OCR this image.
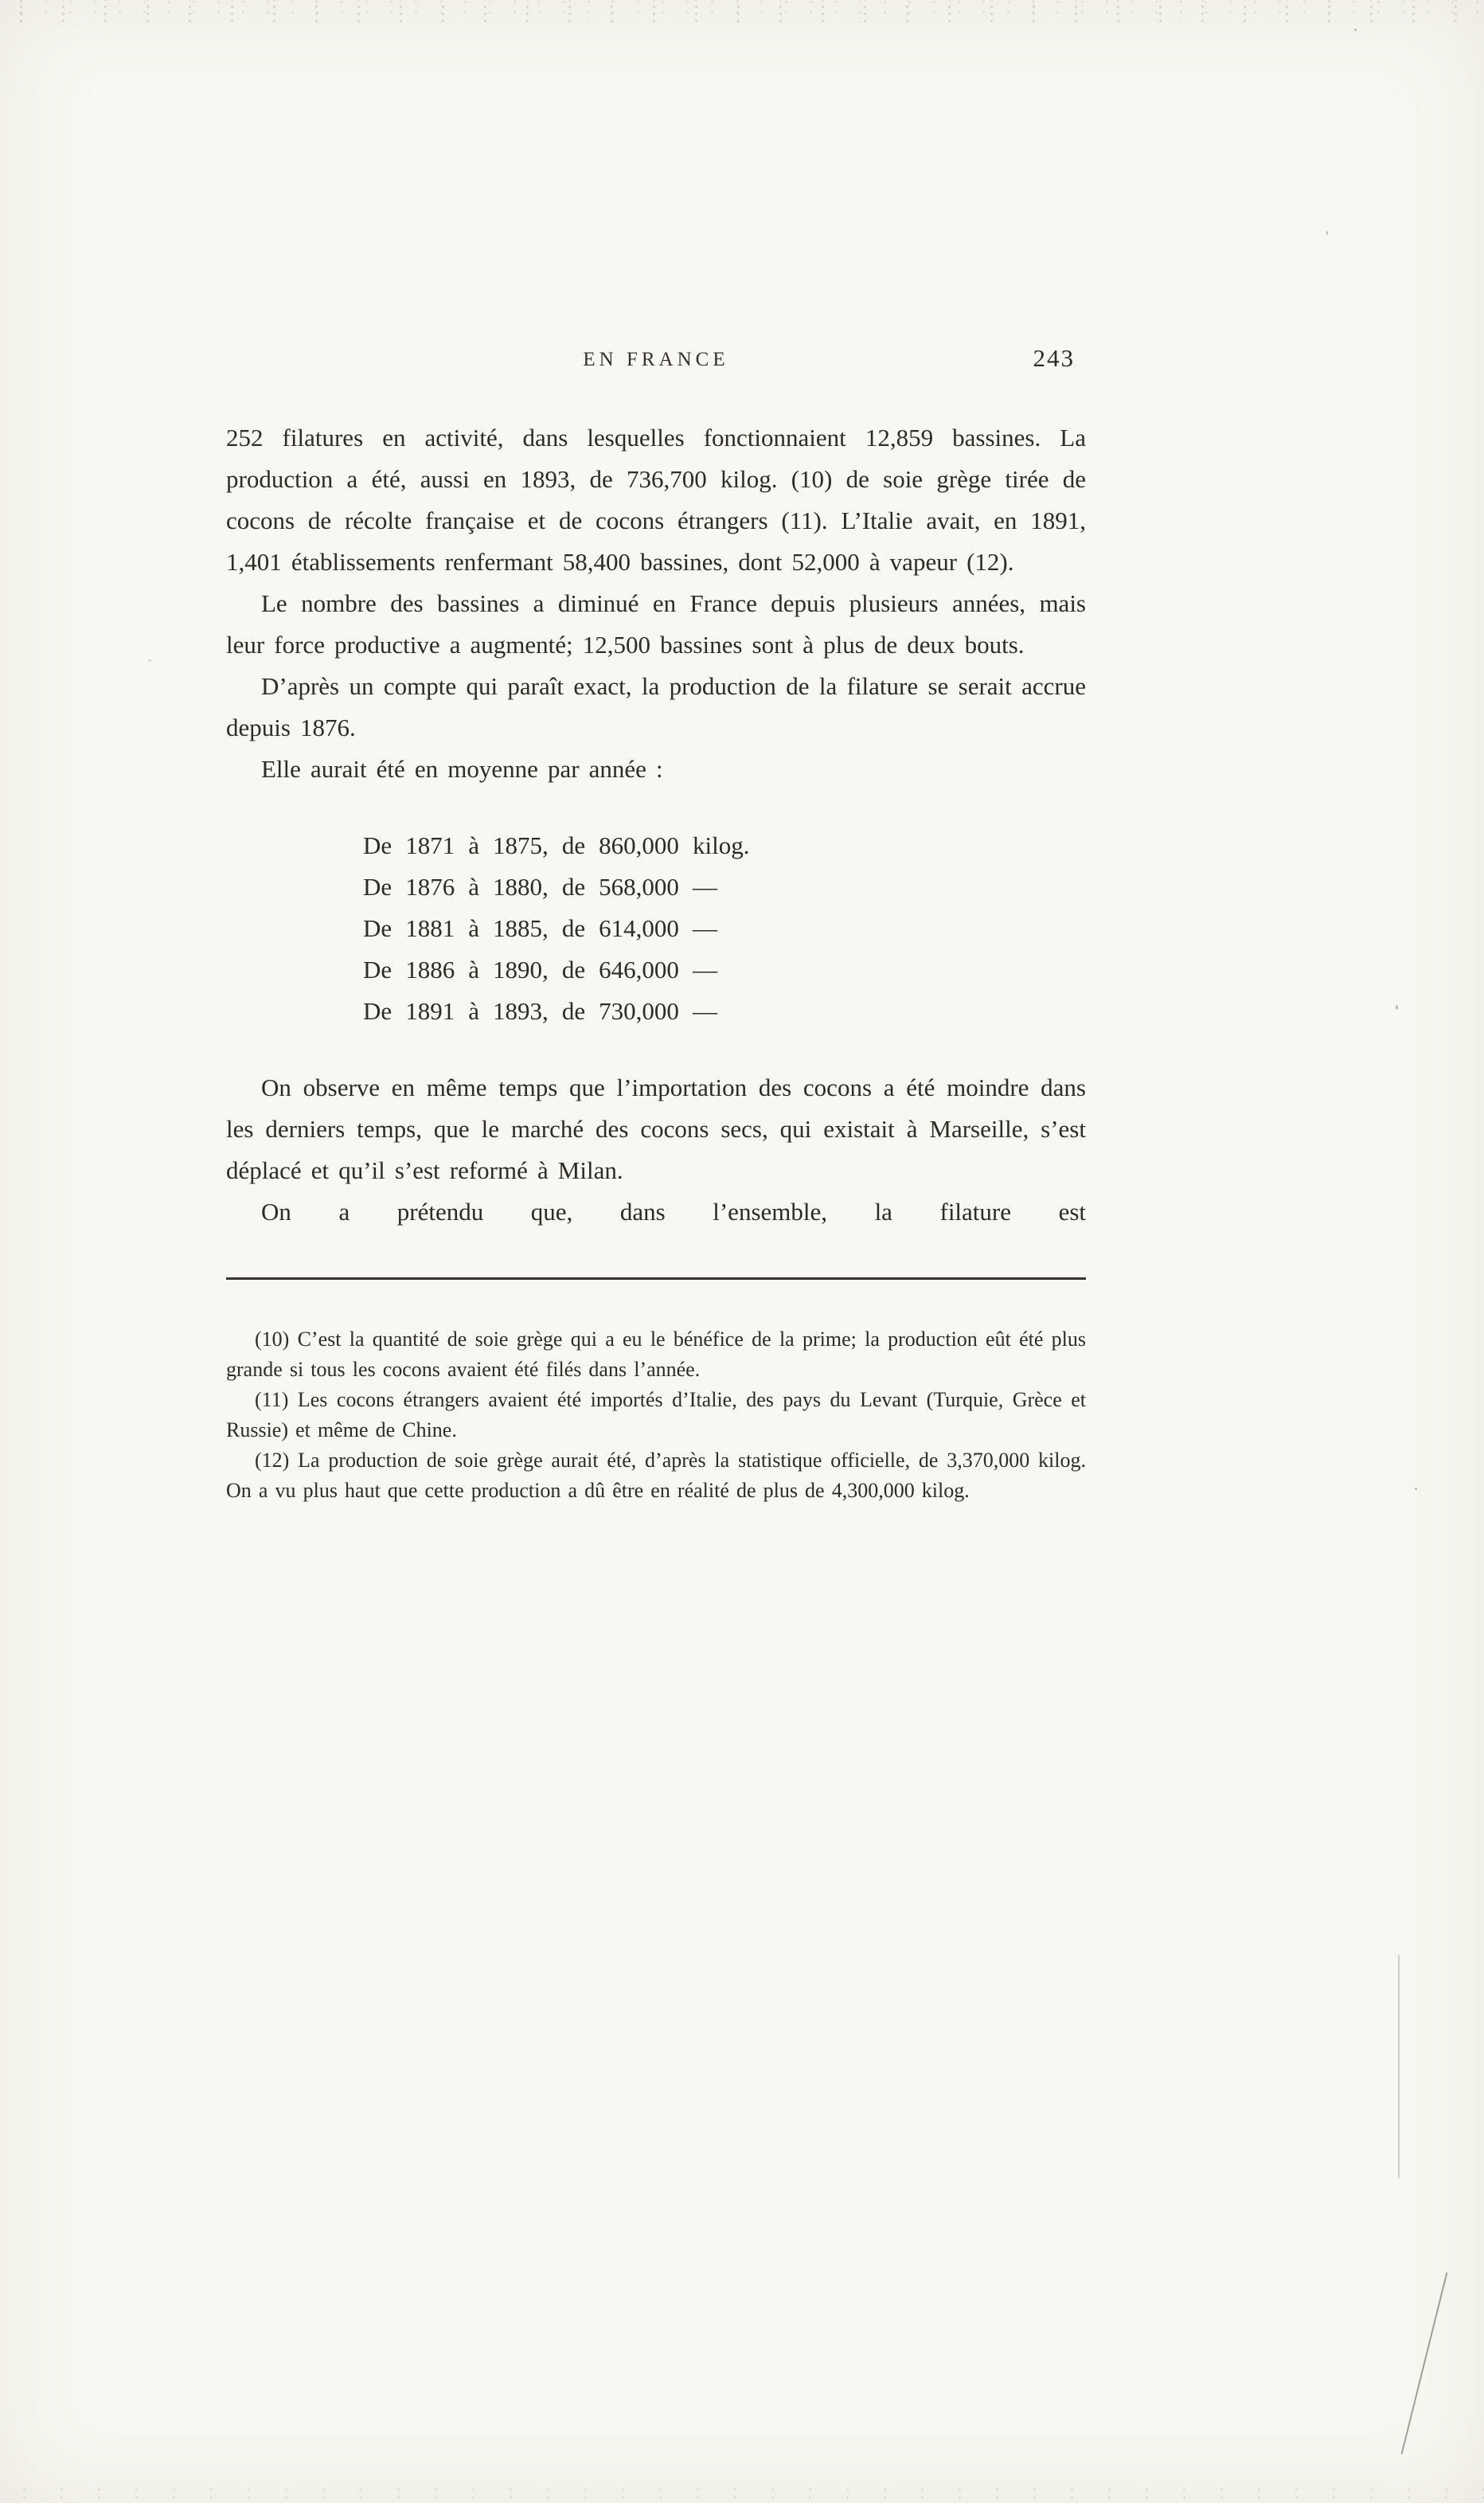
EN FRANCE	243

252 filatures en activité, dans lesquelles fonctionnaient 12,859 bassines. La production a été, aussi en 1893, de 736,700 kilog. (10) de soie grège tirée de cocons de récolte française et de cocons étrangers (11). L’Italie avait, en 1891, 1,401 établissements renfermant 58,400 bassines, dont 52,000 à vapeur (12).

Le nombre des bassines a diminué en France depuis plusieurs années, mais leur force productive a augmenté; 12,500 bassines sont à plus de deux bouts.

D’après un compte qui paraît exact, la production de la filature se serait accrue depuis 1876.

Elle aurait été en moyenne par année :

De 1871 à 1875, de 860,000 kilog.
De 1876 à 1880, de 568,000 —
De 1881 à 1885, de 614,000 —
De 1886 à 1890, de 646,000 —
De 1891 à 1893, de 730,000 —

On observe en même temps que l’importation des cocons a été moindre dans les derniers temps, que le marché des cocons secs, qui existait à Marseille, s’est déplacé et qu’il s’est reformé à Milan.

On a prétendu que, dans l’ensemble, la filature est

(10) C’est la quantité de soie grège qui a eu le bénéfice de la prime; la production eût été plus grande si tous les cocons avaient été filés dans l’année.

(11) Les cocons étrangers avaient été importés d’Italie, des pays du Levant (Turquie, Grèce et Russie) et même de Chine.

(12) La production de soie grège aurait été, d’après la statistique officielle, de 3,370,000 kilog. On a vu plus haut que cette production a dû être en réalité de plus de 4,300,000 kilog.
